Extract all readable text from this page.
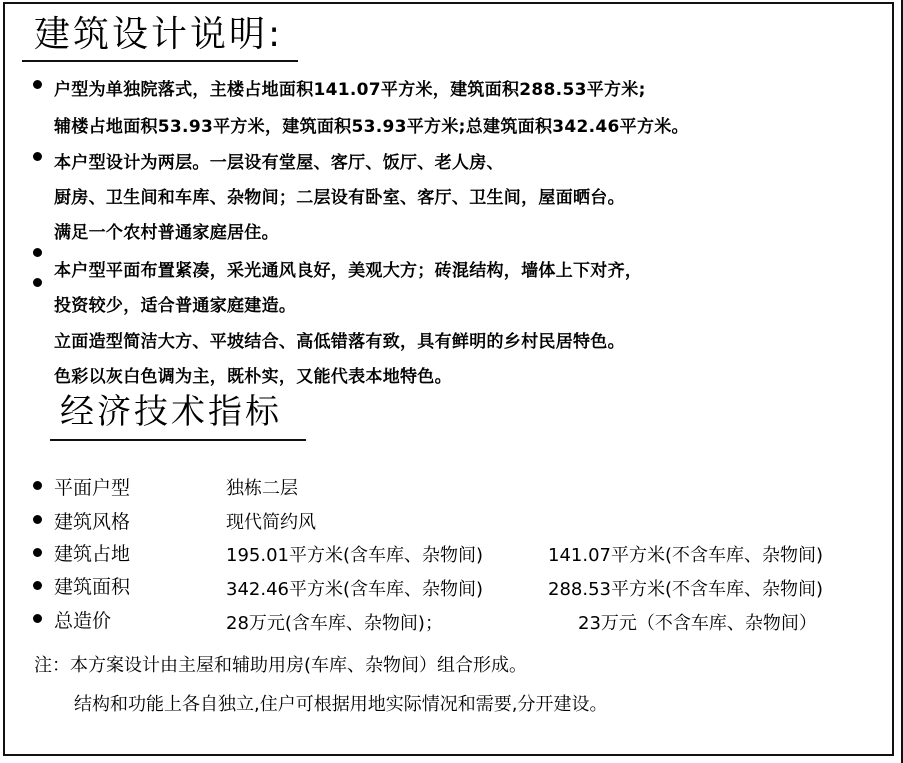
建筑设计说明:
户型为单独院落式，主楼占地面积141.07平方米，建筑面积288.53平方米;
辅楼占地面积53.93平方米，建筑面积53.93平方米;总建筑面积342.46平方米。
本户型设计为两层。一层设有堂屋、客厅、饭厅、老人房、
厨房、卫生间和车库、杂物间；二层设有卧室、客厅、卫生间，屋面晒台。
满足一个农村普通家庭居住。
本户型平面布置紧凑，采光通风良好，美观大方；砖混结构，墙体上下对齐，
投资较少，适合普通家庭建造。
立面造型简洁大方、平坡结合、高低错落有致，具有鲜明的乡村民居特色。
色彩以灰白色调为主，既朴实，又能代表本地特色。
经济技术指标
平面户型	独栋二层
建筑风格	现代简约风
建筑占地	195.01平方米(含车库、杂物间)	141.07平方米(不含车库、杂物间)
建筑面积	342.46平方米(含车库、杂物间)	288.53平方米(不含车库、杂物间)
总造价	28万元(含车库、杂物间)；	23万元（不含车库、杂物间）
注：本方案设计由主屋和辅助用房(车库、杂物间）组合形成。
结构和功能上各自独立,住户可根据用地实际情况和需要,分开建设。
